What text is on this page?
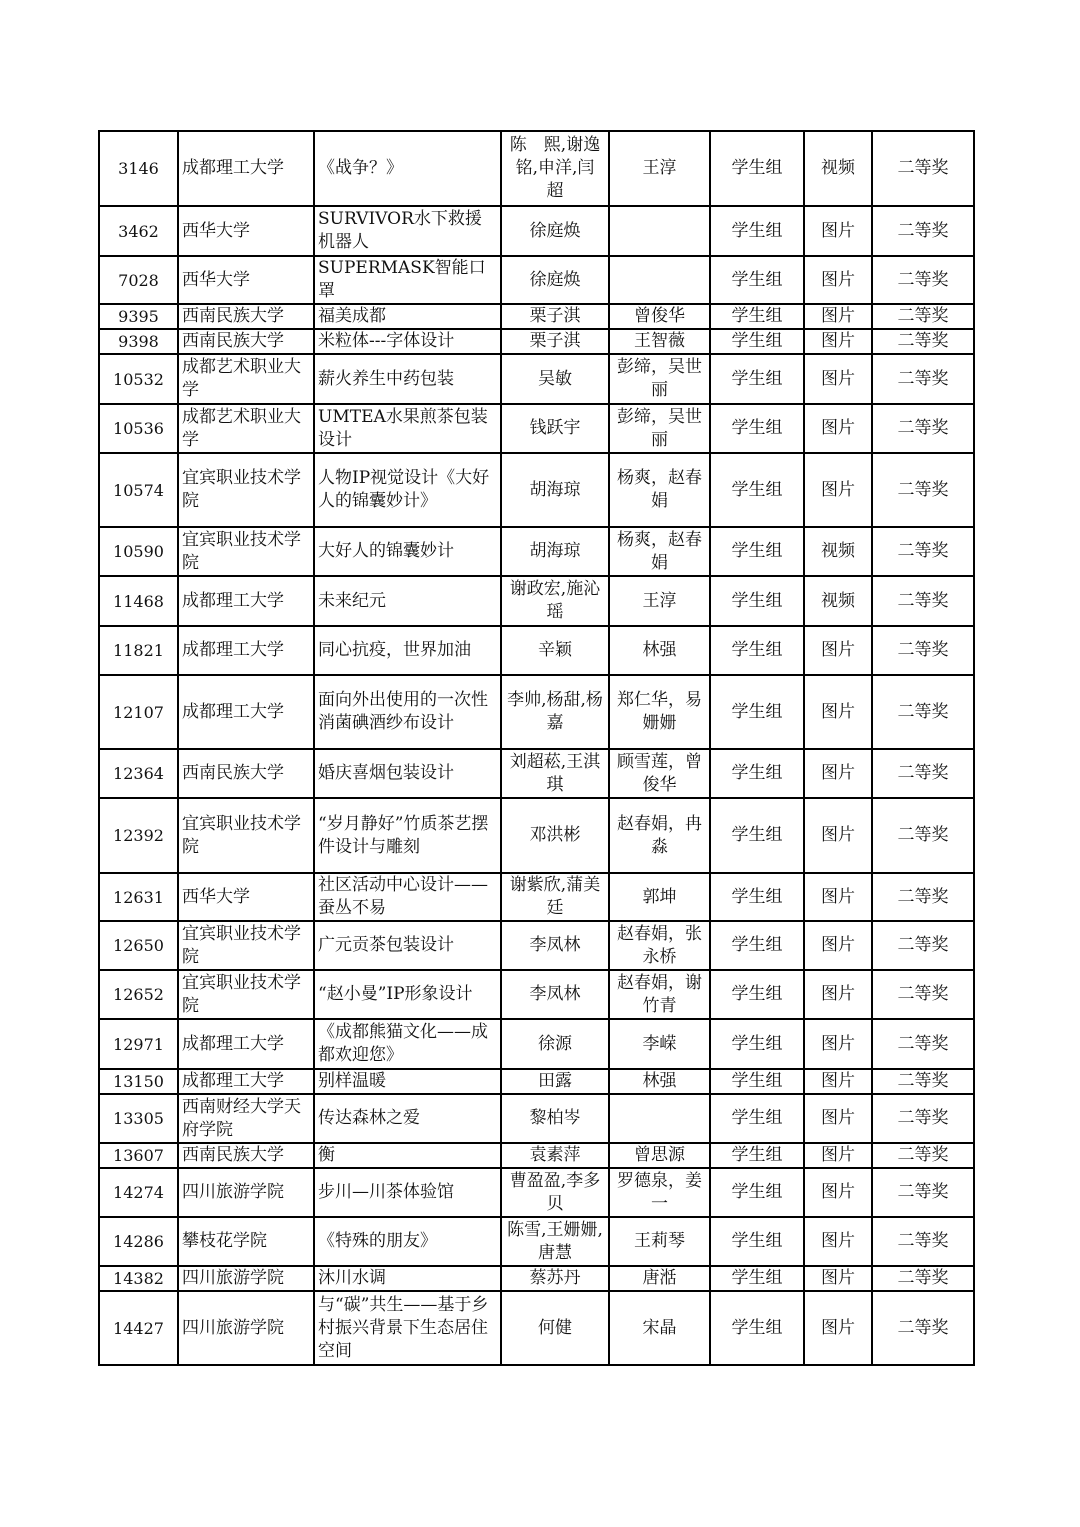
3146	成都理工大学	《战争？》	陈　熙,谢逸铭,申洋,闫　超	王淳	学生组	视频	二等奖
3462	西华大学	SURVIVOR水下救援机器人	徐庭焕		学生组	图片	二等奖
7028	西华大学	SUPERMASK智能口罩	徐庭焕		学生组	图片	二等奖
9395	西南民族大学	福美成都	栗子淇	曾俊华	学生组	图片	二等奖
9398	西南民族大学	米粒体---字体设计	栗子淇	王智薇	学生组	图片	二等奖
10532	成都艺术职业大学	薪火养生中药包装	吴敏	彭缔，吴世丽	学生组	图片	二等奖
10536	成都艺术职业大学	UMTEA水果煎茶包装设计	钱跃宇	彭缔，吴世丽	学生组	图片	二等奖
10574	宜宾职业技术学院	人物IP视觉设计《大好人的锦囊妙计》	胡海琼	杨爽，赵春娟	学生组	图片	二等奖
10590	宜宾职业技术学院	大好人的锦囊妙计	胡海琼	杨爽，赵春娟	学生组	视频	二等奖
11468	成都理工大学	未来纪元	谢政宏,施沁瑶	王淳	学生组	视频	二等奖
11821	成都理工大学	同心抗疫，世界加油	辛颖	林强	学生组	图片	二等奖
12107	成都理工大学	面向外出使用的一次性消菌碘酒纱布设计	李帅,杨甜,杨嘉	郑仁华，易姗姗	学生组	图片	二等奖
12364	西南民族大学	婚庆喜烟包装设计	刘超菘,王淇琪	顾雪莲，曾俊华	学生组	图片	二等奖
12392	宜宾职业技术学院	“岁月静好”竹质茶艺摆件设计与雕刻	邓洪彬	赵春娟，冉淼	学生组	图片	二等奖
12631	西华大学	社区活动中心设计——蚕丛不易	谢紫欣,蒲美廷	郭坤	学生组	图片	二等奖
12650	宜宾职业技术学院	广元贡茶包装设计	李凤林	赵春娟，张永桥	学生组	图片	二等奖
12652	宜宾职业技术学院	“赵小曼”IP形象设计	李凤林	赵春娟，谢竹青	学生组	图片	二等奖
12971	成都理工大学	《成都熊猫文化——成都欢迎您》	徐源	李嵘	学生组	图片	二等奖
13150	成都理工大学	别样温暖	田露	林强	学生组	图片	二等奖
13305	西南财经大学天府学院	传达森林之爱	黎柏岑		学生组	图片	二等奖
13607	西南民族大学	衡	袁素萍	曾思源	学生组	图片	二等奖
14274	四川旅游学院	步川—川茶体验馆	曹盈盈,李多贝	罗德泉，姜一	学生组	图片	二等奖
14286	攀枝花学院	《特殊的朋友》	陈雪,王姗姗,唐慧	王莉琴	学生组	图片	二等奖
14382	四川旅游学院	沐川水调	蔡苏丹	唐湉	学生组	图片	二等奖
14427	四川旅游学院	与“碳”共生——基于乡村振兴背景下生态居住空间	何健	宋晶	学生组	图片	二等奖
